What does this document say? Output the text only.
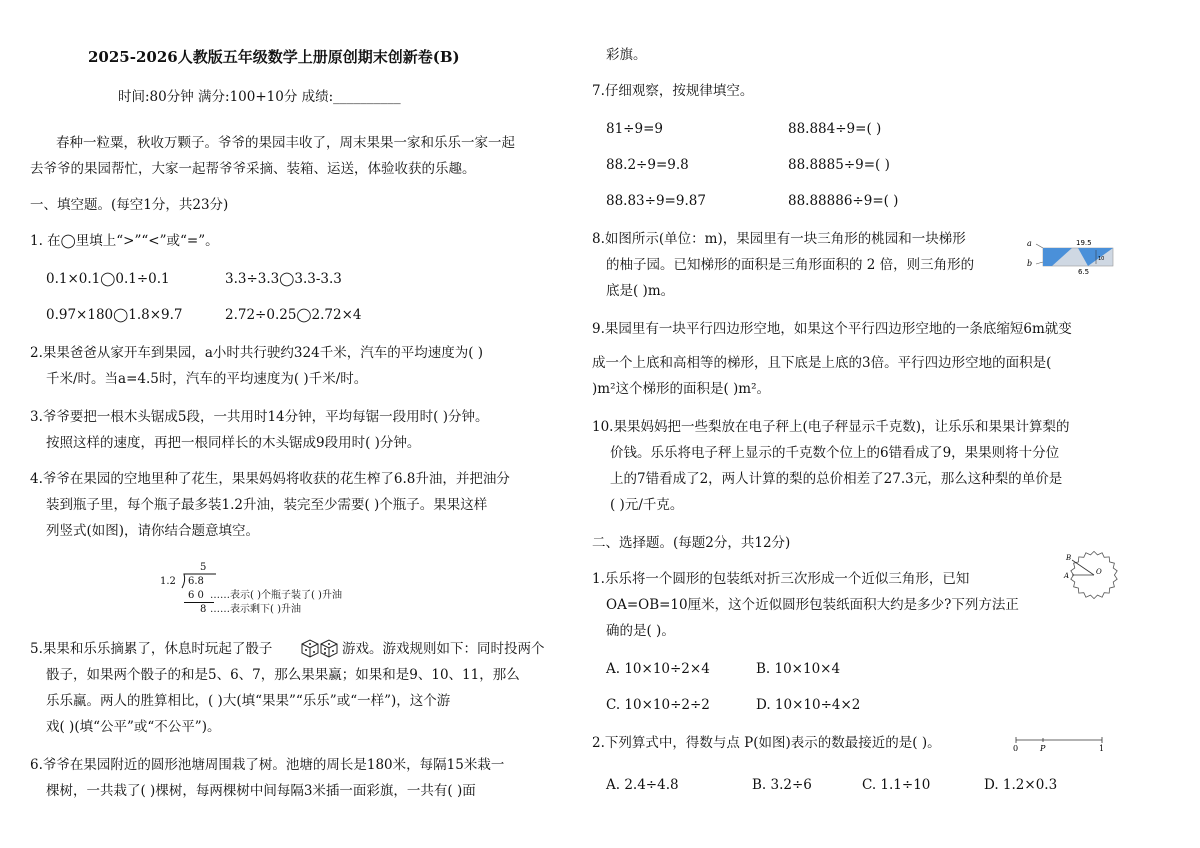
2025-2026人教版五年级数学上册原创期末创新卷(B)
时间:80分钟 满分:100+10分 成绩:__________
春种一粒粟，秋收万颗子。爷爷的果园丰收了，周末果果一家和乐乐一家一起
去爷爷的果园帮忙，大家一起帮爷爷采摘、装箱、运送，体验收获的乐趣。
一、填空题。(每空1分，共23分)
1. 在◯里填上“>”“<”或“=”。
0.1×0.1◯0.1÷0.1	3.3÷3.3◯3.3-3.3
0.97×180◯1.8×9.7	2.72÷0.25◯2.72×4
2.果果爸爸从家开车到果园，a小时共行驶约324千米，汽车的平均速度为( )
千米/时。当a=4.5时，汽车的平均速度为( )千米/时。
3.爷爷要把一根木头锯成5段，一共用时14分钟，平均每锯一段用时( )分钟。
按照这样的速度，再把一根同样长的木头锯成9段用时( )分钟。
4.爷爷在果园的空地里种了花生，果果妈妈将收获的花生榨了6.8升油，并把油分
装到瓶子里，每个瓶子最多装1.2升油，装完至少需要( )个瓶子。果果这样
列竖式(如图)，请你结合题意填空。
5
1.2 6.8
6 0 ……表示( )个瓶子装了( )升油
8 ……表示剩下( )升油
5.果果和乐乐摘累了，休息时玩起了骰子	游戏。游戏规则如下：同时投两个
骰子，如果两个骰子的和是5、6、7，那么果果赢；如果和是9、10、11，那么
乐乐赢。两人的胜算相比，( )大(填“果果”“乐乐”或“一样”)，这个游
戏( )(填“公平”或“不公平”)。
6.爷爷在果园附近的圆形池塘周围栽了树。池塘的周长是180米，每隔15米栽一
棵树，一共栽了( )棵树，每两棵树中间每隔3米插一面彩旗，一共有( )面
彩旗。
7.仔细观察，按规律填空。
81÷9=9	88.884÷9=( )
88.2÷9=9.8	88.8885÷9=( )
88.83÷9=9.87	88.88886÷9=( )
8.如图所示(单位：m)，果园里有一块三角形的桃园和一块梯形
的柚子园。已知梯形的面积是三角形面积的 2 倍，则三角形的
底是( )m。
a
b
19.5
10
6.5
9.果园里有一块平行四边形空地，如果这个平行四边形空地的一条底缩短6m就变
成一个上底和高相等的梯形，且下底是上底的3倍。平行四边形空地的面积是(
)m²这个梯形的面积是( )m²。
10.果果妈妈把一些梨放在电子秤上(电子秤显示千克数)，让乐乐和果果计算梨的
价钱。乐乐将电子秤上显示的千克数个位上的6错看成了9，果果则将十分位
上的7错看成了2，两人计算的梨的总价相差了27.3元，那么这种梨的单价是
( )元/千克。
二、选择题。(每题2分，共12分)
1.乐乐将一个圆形的包装纸对折三次形成一个近似三角形，已知
OA=OB=10厘米，这个近似圆形包装纸面积大约是多少?下列方法正
确的是( )。
A
B
O
A. 10×10÷2×4	B. 10×10×4
C. 10×10÷2÷2	D. 10×10÷4×2
2.下列算式中，得数与点 P(如图)表示的数最接近的是( )。	0	P	1
A. 2.4÷4.8	B. 3.2÷6	C. 1.1÷10	D. 1.2×0.3
